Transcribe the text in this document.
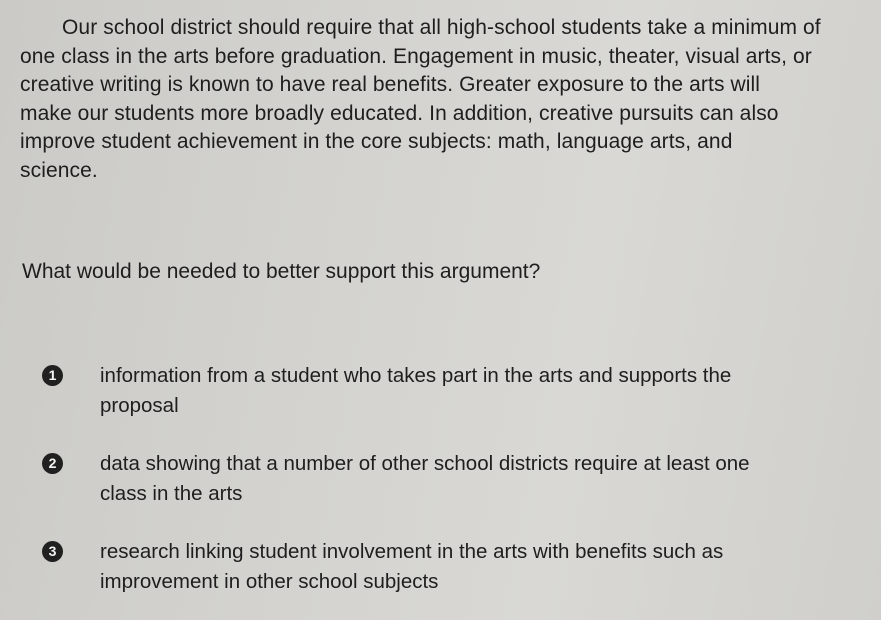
Our school district should require that all high-school students take a minimum of
one class in the arts before graduation. Engagement in music, theater, visual arts, or
creative writing is known to have real benefits. Greater exposure to the arts will
make our students more broadly educated. In addition, creative pursuits can also
improve student achievement in the core subjects: math, language arts, and
science.

What would be needed to better support this argument?

1	information from a student who takes part in the arts and supports the
proposal
2	data showing that a number of other school districts require at least one
class in the arts
3	research linking student involvement in the arts with benefits such as
improvement in other school subjects
